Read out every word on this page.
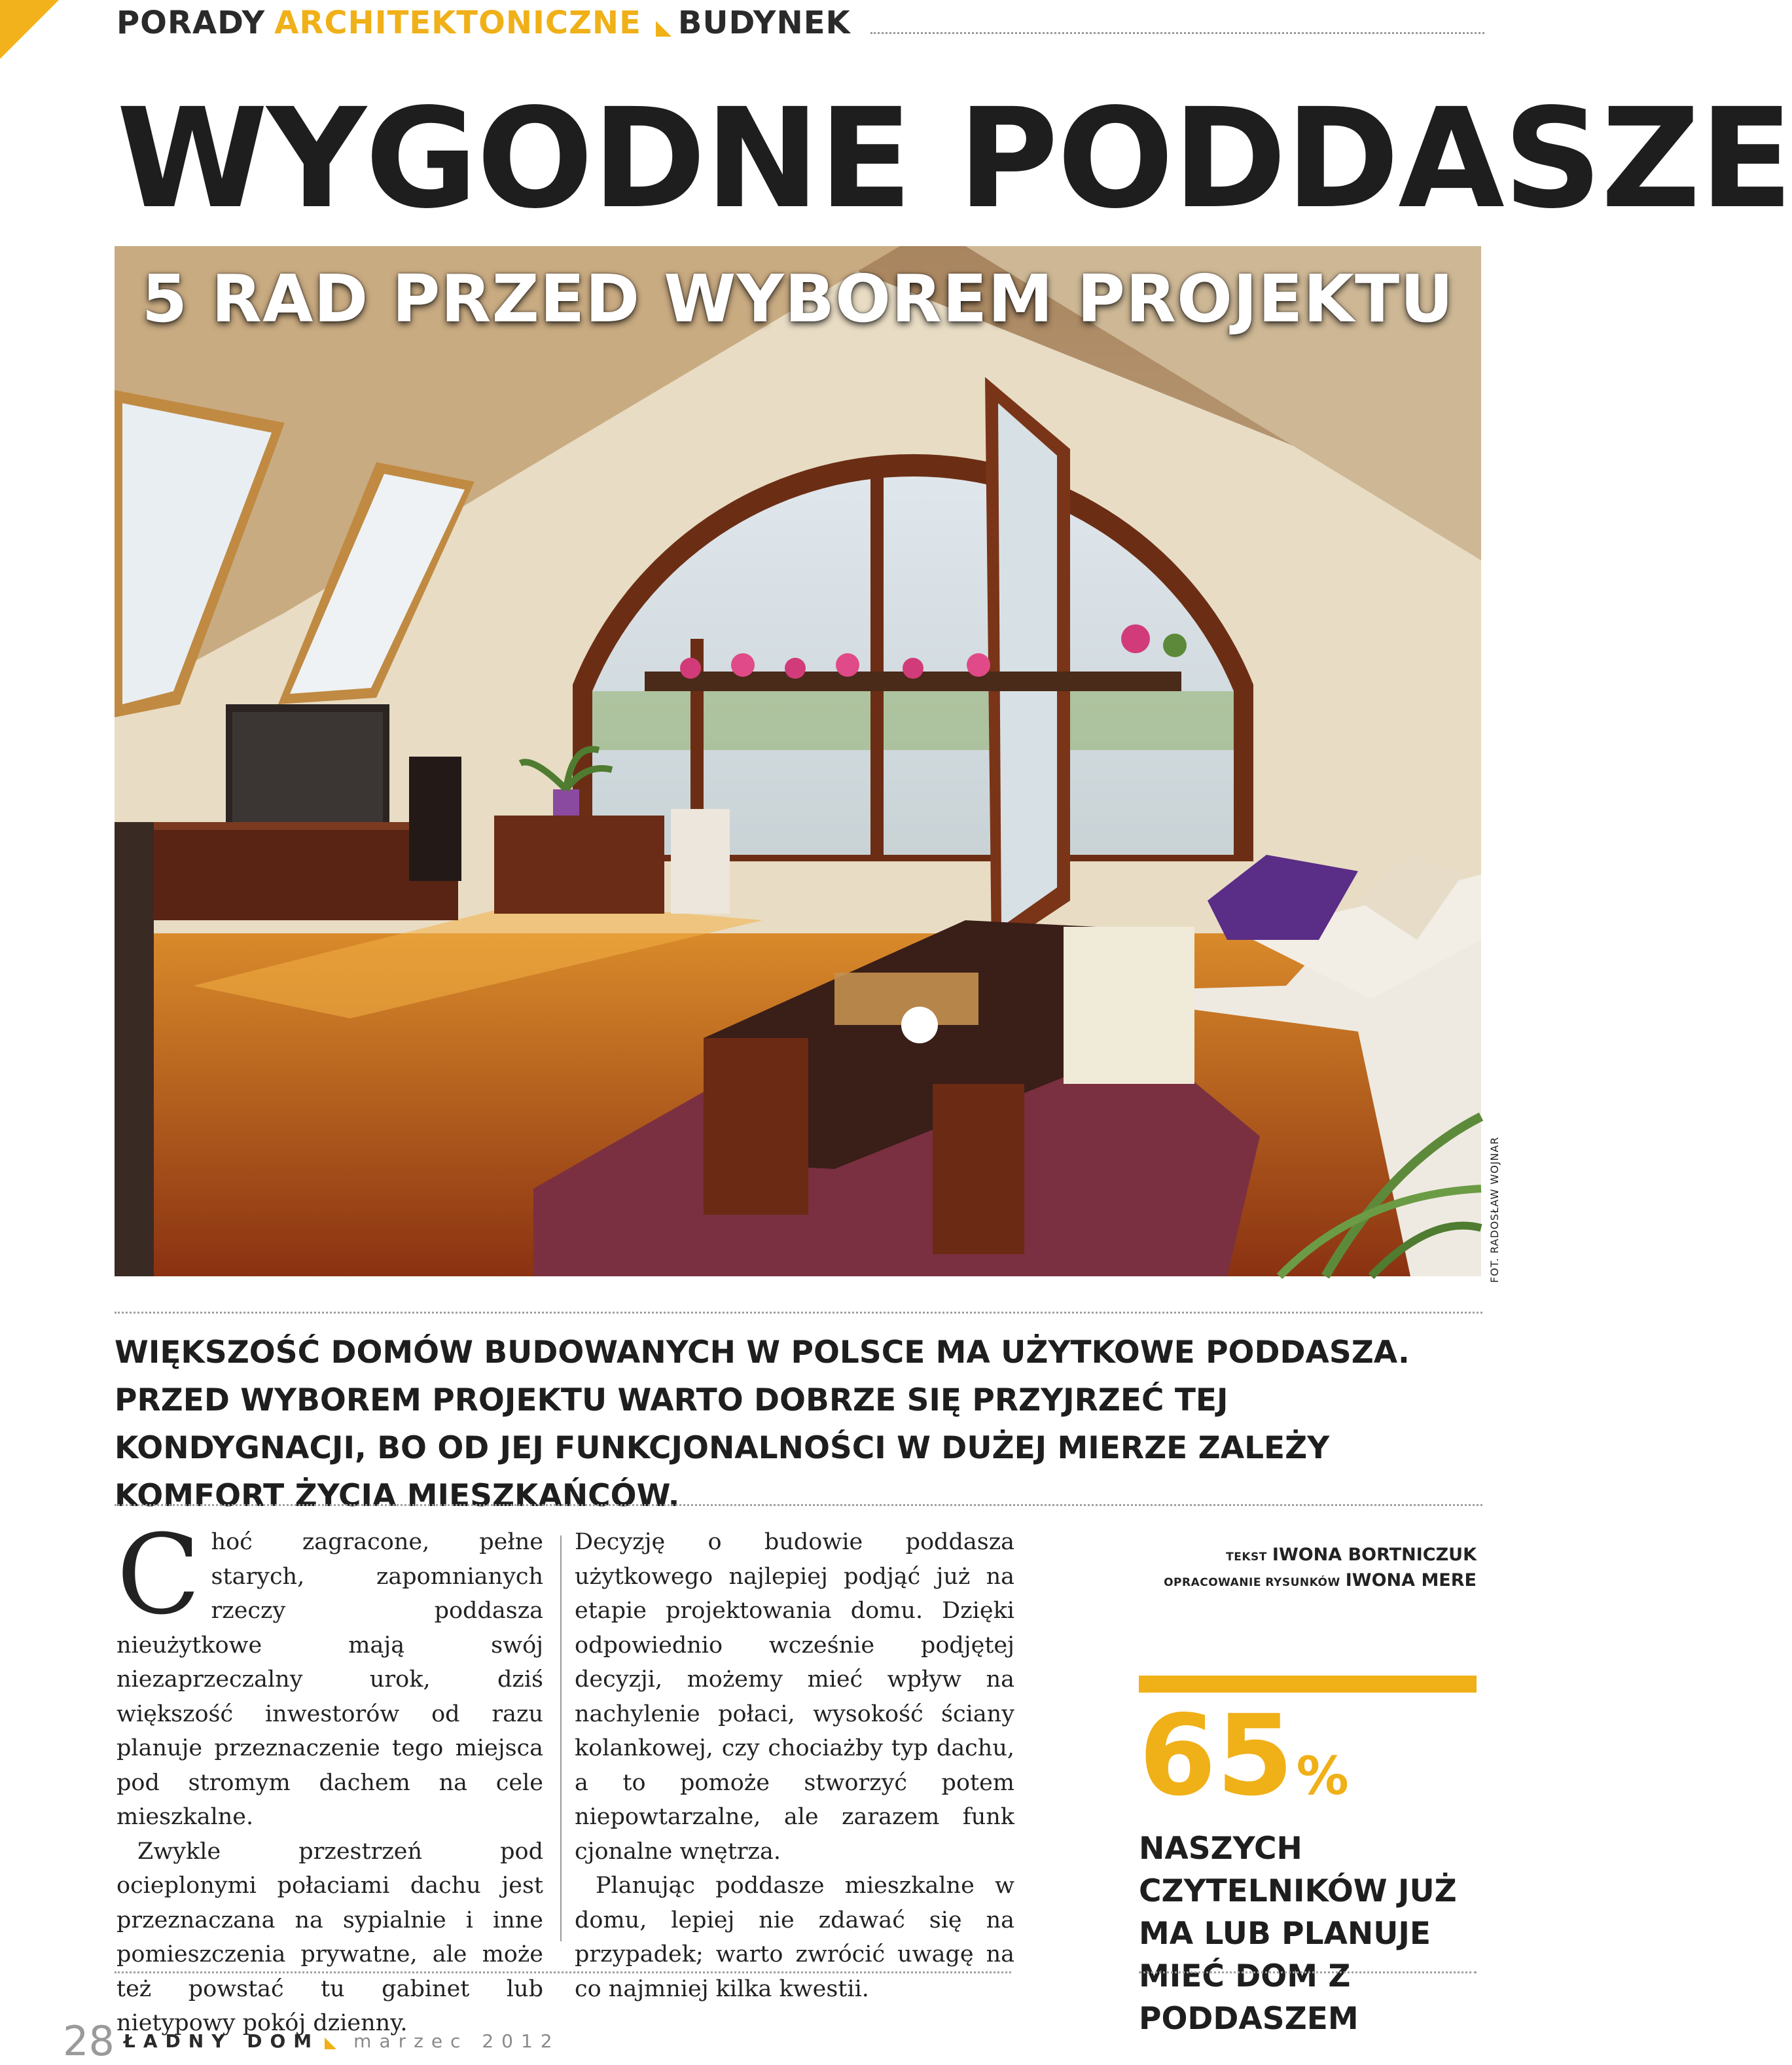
PORADY ARCHITEKTONICZNE BUDYNEK
WYGODNE PODDASZE
5 RAD PRZED WYBOREM PROJEKTU
FOT. RADOSŁAW WOJNAR
WIĘKSZOŚĆ DOMÓW BUDOWANYCH W POLSCE MA UŻYTKOWE PODDASZA. PRZED WYBOREM PROJEKTU WARTO DOBRZE SIĘ PRZYJRZEĆ TEJ KONDYGNACJI, BO OD JEJ FUNKCJONALNOŚCI W DUŻEJ MIERZE ZALEŻY KOMFORT ŻYCIA MIESZKAŃCÓW.

Choć zagracone, pełne starych, zapomnianych rzeczy poddasza nieużytkowe mają swój niezaprzeczalny urok, dziś większość inwestorów od razu planuje przeznaczenie tego miejsca pod stromym dachem na cele mieszkalne.

Zwykle przestrzeń pod ocieplonymi połaciami dachu jest przeznaczana na sypialnie i inne pomieszczenia prywatne, ale może też powstać tu gabinet lub nietypowy pokój dzienny.

Decyzję o budowie poddasza użytkowego najlepiej podjąć już na etapie projektowania domu. Dzięki odpowiednio wcześnie podjętej decyzji, możemy mieć wpływ na nachylenie połaci, wysokość ściany kolankowej, czy chociażby typ dachu, a to pomoże stworzyć potem niepowtarzalne, ale zarazem funk cjonalne wnętrza.

Planując poddasze mieszkalne w domu, lepiej nie zdawać się na przypadek; warto zwrócić uwagę na co najmniej kilka kwestii.

TEKST IWONA BORTNICZUK
OPRACOWANIE RYSUNKÓW IWONA MERE
65%
NASZYCH CZYTELNIKÓW JUŻ MA LUB PLANUJE MIEĆ DOM Z PODDASZEM
28 ŁADNY DOM marzec 2012
